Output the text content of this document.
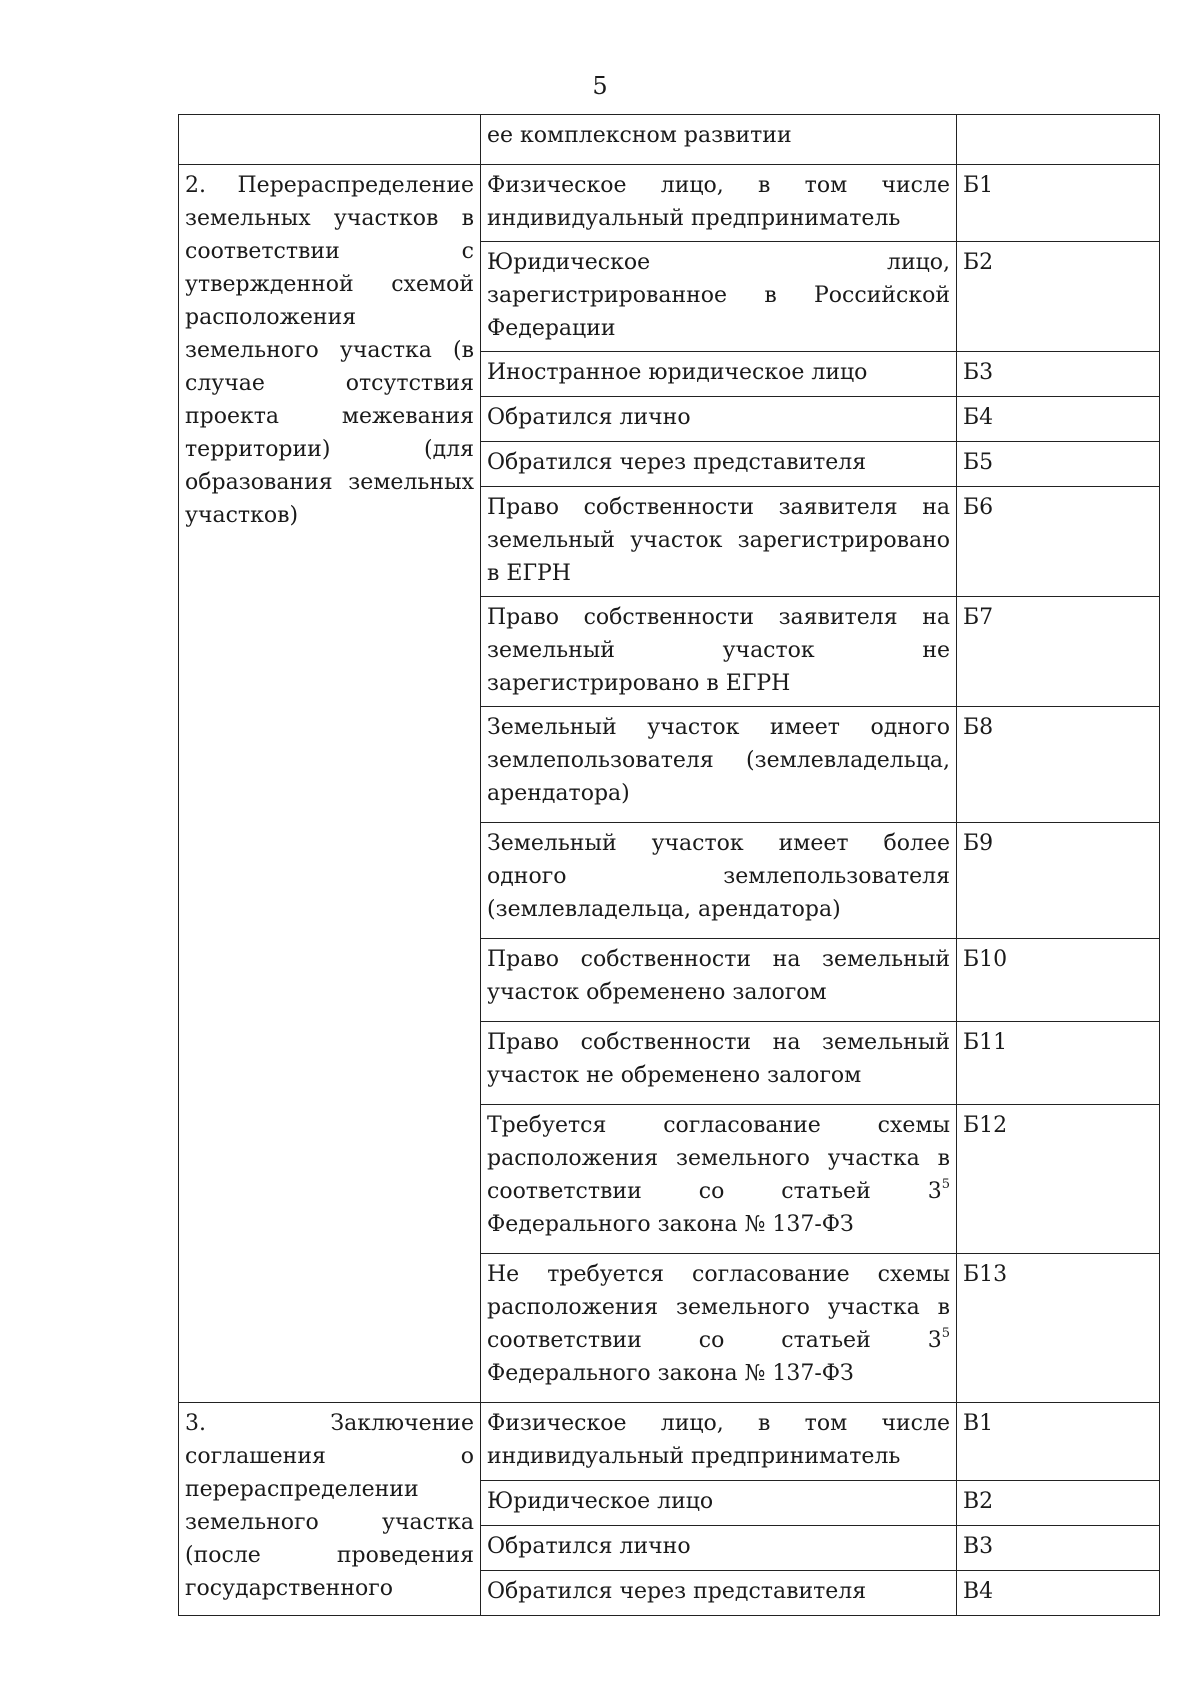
5
	ее комплексном развитии	
2. Перераспределение земельных участков в соответствии с утвержденной схемой расположения земельного участка (в случае отсутствия проекта межевания территории) (для образования земельных участков)	Физическое лицо, в том числе индивидуальный предприниматель	Б1
	Юридическое лицо, зарегистрированное в Российской Федерации	Б2
	Иностранное юридическое лицо	Б3
	Обратился лично	Б4
	Обратился через представителя	Б5
	Право собственности заявителя на земельный участок зарегистрировано в ЕГРН	Б6
	Право собственности заявителя на земельный участок не зарегистрировано в ЕГРН	Б7
	Земельный участок имеет одного землепользователя (землевладельца, арендатора)	Б8
	Земельный участок имеет более одного землепользователя (землевладельца, арендатора)	Б9
	Право собственности на земельный участок обременено залогом	Б10
	Право собственности на земельный участок не обременено залогом	Б11
	Требуется согласование схемы расположения земельного участка в соответствии со статьей $3^5$ Федерального закона № 137-ФЗ	Б12
	Не требуется согласование схемы расположения земельного участка в соответствии со статьей $3^5$ Федерального закона № 137-ФЗ	Б13
3. Заключение соглашения о перераспределении земельного участка (после проведения государственного	Физическое лицо, в том числе индивидуальный предприниматель	В1
	Юридическое лицо	В2
	Обратился лично	В3
	Обратился через представителя	В4
